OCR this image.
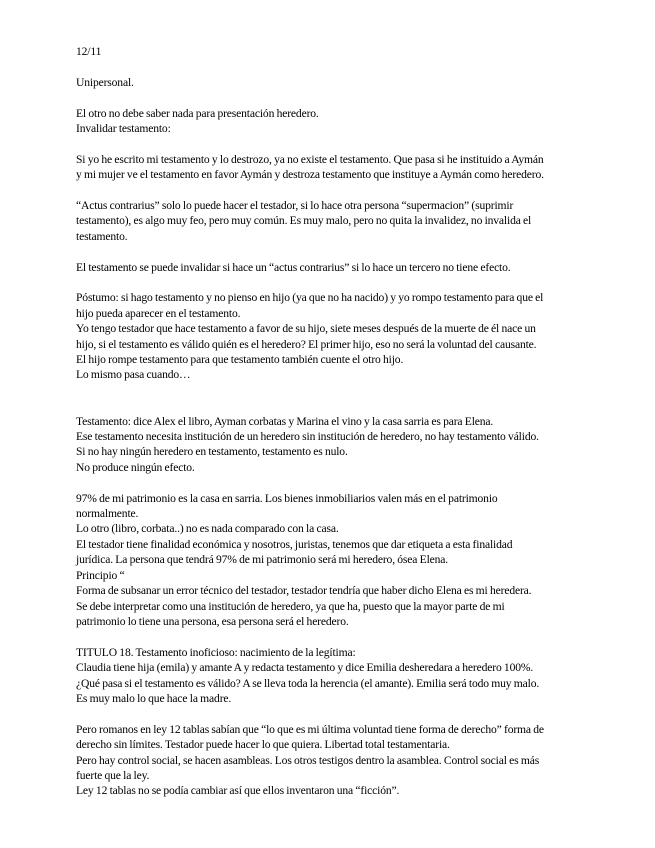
12/11

Unipersonal.

El otro no debe saber nada para presentación heredero.

Invalidar testamento:

Si yo he escrito mi testamento y lo destrozo, ya no existe el testamento. Que pasa si he instituido a Aymán

y mi mujer ve el testamento en favor Aymán y destroza testamento que instituye a Aymán como heredero.

“Actus contrarius” solo lo puede hacer el testador, si lo hace otra persona “supermacion” (suprimir

testamento), es algo muy feo, pero muy común. Es muy malo, pero no quita la invalidez, no invalida el

testamento.

El testamento se puede invalidar si hace un “actus contrarius” si lo hace un tercero no tiene efecto.

Póstumo: si hago testamento y no pienso en hijo (ya que no ha nacido) y yo rompo testamento para que el

hijo pueda aparecer en el testamento.

Yo tengo testador que hace testamento a favor de su hijo, siete meses después de la muerte de él nace un

hijo, si el testamento es válido quién es el heredero? El primer hijo, eso no será la voluntad del causante.

El hijo rompe testamento para que testamento también cuente el otro hijo.

Lo mismo pasa cuando…

Testamento: dice Alex el libro, Ayman corbatas y Marina el vino y la casa sarria es para Elena.

Ese testamento necesita institución de un heredero sin institución de heredero, no hay testamento válido.

Si no hay ningún heredero en testamento, testamento es nulo.

No produce ningún efecto.

97% de mi patrimonio es la casa en sarria. Los bienes inmobiliarios valen más en el patrimonio

normalmente.

Lo otro (libro, corbata..) no es nada comparado con la casa.

El testador tiene finalidad económica y nosotros, juristas, tenemos que dar etiqueta a esta finalidad

jurídica. La persona que tendrá 97% de mi patrimonio será mi heredero, ósea Elena.

Principio “

Forma de subsanar un error técnico del testador, testador tendría que haber dicho Elena es mi heredera.

Se debe interpretar como una institución de heredero, ya que ha, puesto que la mayor parte de mi

patrimonio lo tiene una persona, esa persona será el heredero.

TITULO 18. Testamento inoficioso: nacimiento de la legítima:

Claudia tiene hija (emila) y amante A y redacta testamento y dice Emilia desheredara a heredero 100%.

¿Qué pasa si el testamento es válido? A se lleva toda la herencia (el amante). Emilia será todo muy malo.

Es muy malo lo que hace la madre.

Pero romanos en ley 12 tablas sabían que “lo que es mi última voluntad tiene forma de derecho” forma de

derecho sin límites. Testador puede hacer lo que quiera. Libertad total testamentaria.

Pero hay control social, se hacen asambleas. Los otros testigos dentro la asamblea. Control social es más

fuerte que la ley.

Ley 12 tablas no se podía cambiar así que ellos inventaron una “ficción”.
